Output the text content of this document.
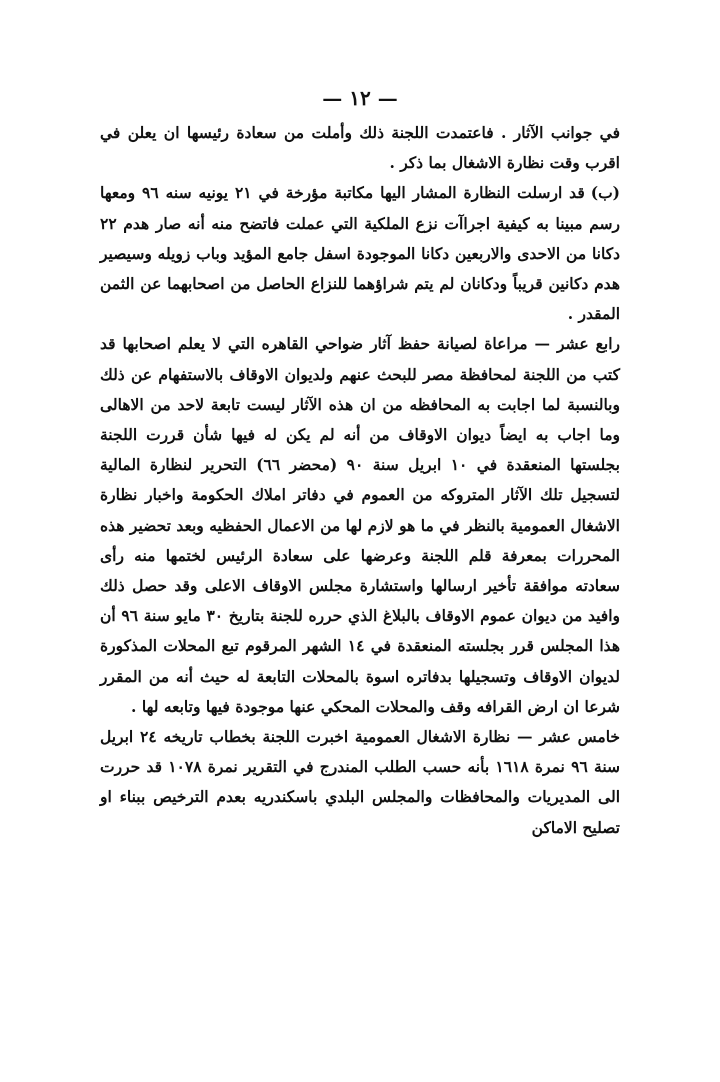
— ١٢ —

في جوانب الآثار . فاعتمدت اللجنة ذلك وأملت من سعادة رئيسها ان يعلن في اقرب وقت نظارة الاشغال بما ذكر .

(ب)قد ارسلت النظارة المشار اليها مكاتبة مؤرخة في ٢١ يونيه سنه ٩٦ ومعها رسم مبينا به كيفية اجراآت نزع الملكية التي عملت فاتضح منه أنه صار هدم ٢٢ دكانا من الاحدى والاربعين دكانا الموجودة اسفل جامع المؤيد وباب زويله وسيصير هدم دكانين قريباً ودكانان لم يتم شراؤهما للنزاع الحاصل من اصحابهما عن الثمن المقدر .

رابع عشر — مراعاة لصيانة حفظ آثار ضواحي القاهره التي لا يعلم اصحابها قد كتب من اللجنة لمحافظة مصر للبحث عنهم ولديوان الاوقاف بالاستفهام عن ذلك وبالنسبة لما اجابت به المحافظه من ان هذه الآثار ليست تابعة لاحد من الاهالى وما اجاب به ايضاً ديوان الاوقاف من أنه لم يكن له فيها شأن قررت اللجنة بجلستها المنعقدة في ١٠ ابريل سنة ٩٠ (محضر ٦٦) التحرير لنظارة المالية لتسجيل تلك الآثار المتروكه من العموم في دفاتر املاك الحكومة واخبار نظارة الاشغال العمومية بالنظر في ما هو لازم لها من الاعمال الحفظيه وبعد تحضير هذه المحررات بمعرفة قلم اللجنة وعرضها على سعادة الرئيس لختمها منه رأى سعادته موافقة تأخير ارسالها واستشارة مجلس الاوقاف الاعلى وقد حصل ذلك وافيد من ديوان عموم الاوقاف بالبلاغ الذي حرره للجنة بتاريخ ٣٠ مايو سنة ٩٦ أن هذا المجلس قرر بجلسته المنعقدة في ١٤ الشهر المرقوم تبع المحلات المذكورة لديوان الاوقاف وتسجيلها بدفاتره اسوة بالمحلات التابعة له حيث أنه من المقرر شرعا ان ارض القرافه وقف والمحلات المحكي عنها موجودة فيها وتابعه لها .

خامس عشر — نظارة الاشغال العمومية اخبرت اللجنة بخطاب تاريخه ٢٤ ابريل سنة ٩٦ نمرة ١٦١٨ بأنه حسب الطلب المندرج في التقرير نمرة ١٠٧٨ قد حررت الى المديريات والمحافظات والمجلس البلدي باسكندريه بعدم الترخيص ببناء او تصليح الاماكن
